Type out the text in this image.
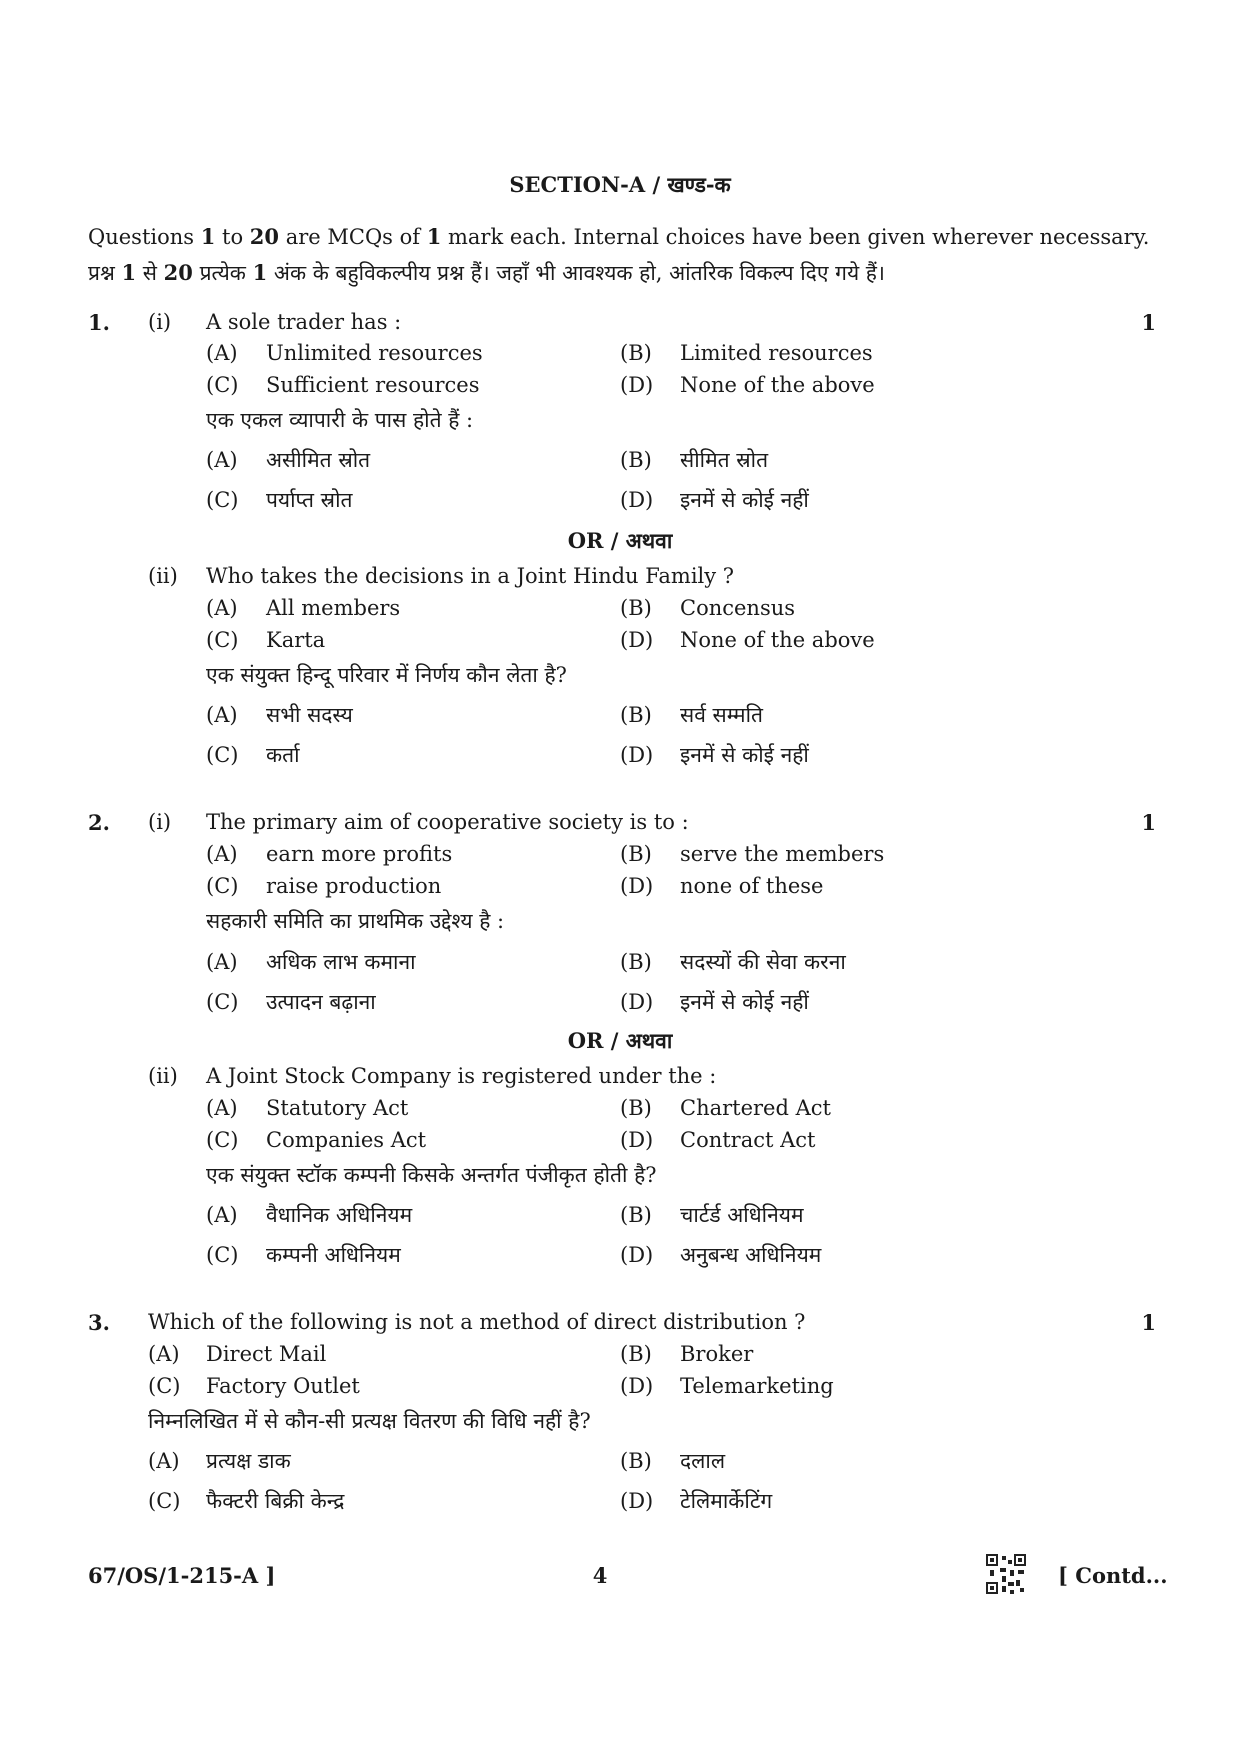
SECTION-A / खण्ड-क
Questions 1 to 20 are MCQs of 1 mark each. Internal choices have been given wherever necessary.
प्रश्न 1 से 20 प्रत्येक 1 अंक के बहुविकल्पीय प्रश्न हैं। जहाँ भी आवश्यक हो, आंतरिक विकल्प दिए गये हैं।
1. (i) A sole trader has :	1
(A) Unlimited resources	(B) Limited resources
(C) Sufficient resources	(D) None of the above
एक एकल व्यापारी के पास होते हैं :
(A) असीमित स्रोत	(B) सीमित स्रोत
(C) पर्याप्त स्रोत	(D) इनमें से कोई नहीं
OR / अथवा
(ii) Who takes the decisions in a Joint Hindu Family ?
(A) All members	(B) Concensus
(C) Karta	(D) None of the above
एक संयुक्त हिन्दू परिवार में निर्णय कौन लेता है?
(A) सभी सदस्य	(B) सर्व सम्मति
(C) कर्ता	(D) इनमें से कोई नहीं
2. (i) The primary aim of cooperative society is to :	1
(A) earn more profits	(B) serve the members
(C) raise production	(D) none of these
सहकारी समिति का प्राथमिक उद्देश्य है :
(A) अधिक लाभ कमाना	(B) सदस्यों की सेवा करना
(C) उत्पादन बढ़ाना	(D) इनमें से कोई नहीं
OR / अथवा
(ii) A Joint Stock Company is registered under the :
(A) Statutory Act	(B) Chartered Act
(C) Companies Act	(D) Contract Act
एक संयुक्त स्टॉक कम्पनी किसके अन्तर्गत पंजीकृत होती है?
(A) वैधानिक अधिनियम	(B) चार्टर्ड अधिनियम
(C) कम्पनी अधिनियम	(D) अनुबन्ध अधिनियम
3. Which of the following is not a method of direct distribution ?	1
(A) Direct Mail	(B) Broker
(C) Factory Outlet	(D) Telemarketing
निम्नलिखित में से कौन-सी प्रत्यक्ष वितरण की विधि नहीं है?
(A) प्रत्यक्ष डाक	(B) दलाल
(C) फैक्टरी बिक्री केन्द्र	(D) टेलिमार्केटिंग
67/OS/1-215-A ]	4	[ Contd...
